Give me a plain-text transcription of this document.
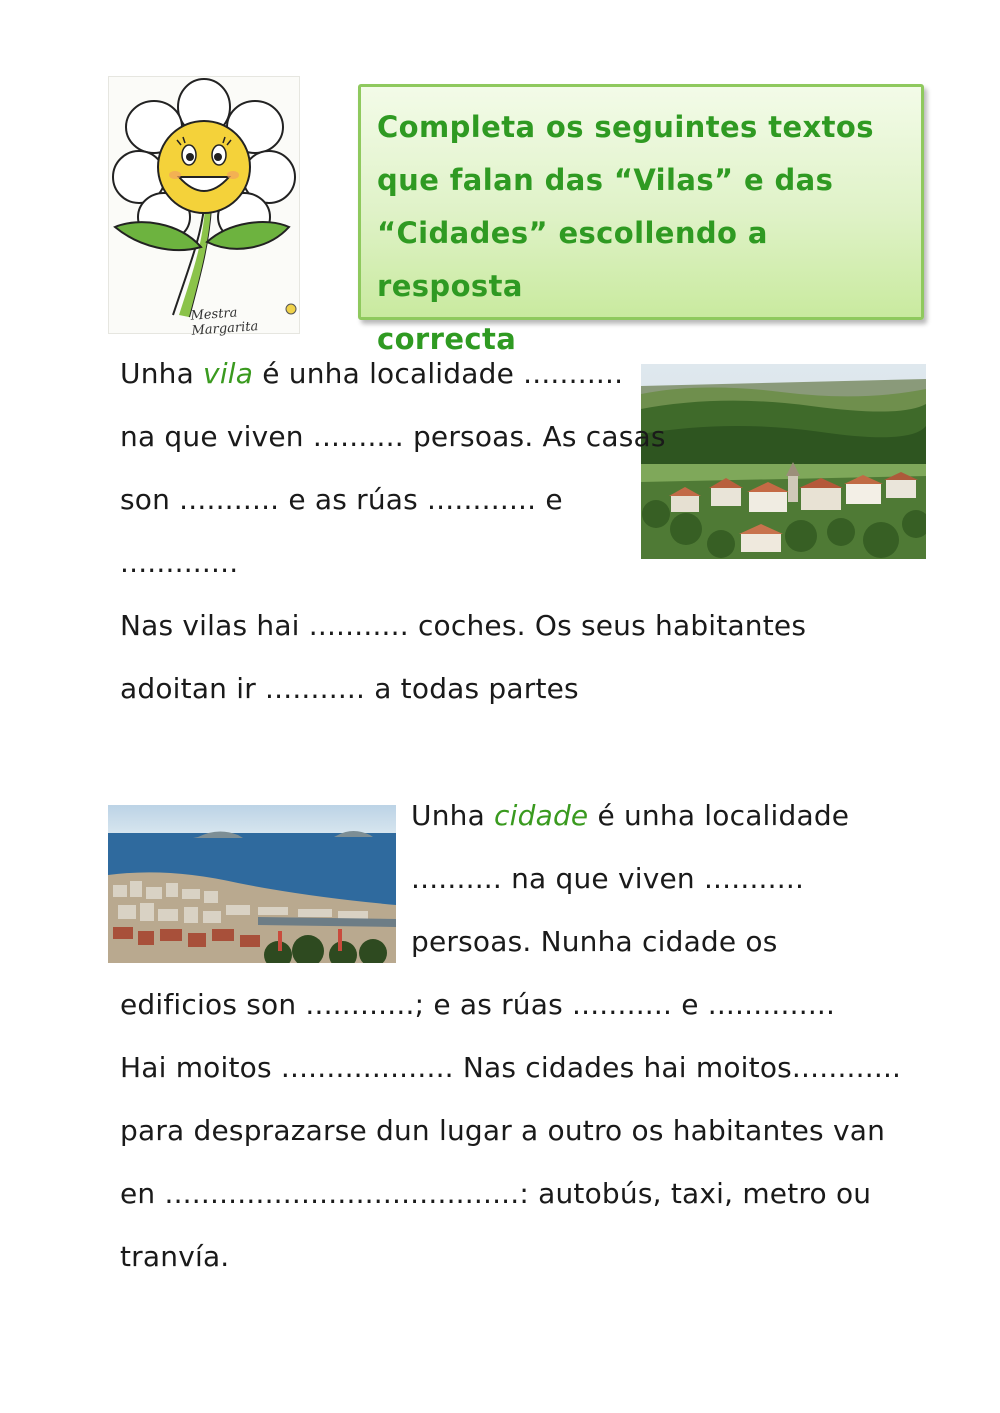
Mestra Margarita

Completa os seguintes textos

que falan das “Vilas” e das

“Cidades” escollendo a resposta

correcta

Unha vila é unha localidade ...........
na que viven .......... persoas. As casas
son ........... e as rúas ............ e
.............
Nas vilas hai ........... coches. Os seus habitantes
adoitan ir ........... a todas partes
Unha cidade é unha localidade
.......... na que viven ...........
persoas. Nunha cidade os
edificios son ............; e as rúas ........... e ..............
Hai moitos ................... Nas cidades hai moitos............
para desprazarse dun lugar a outro os habitantes van
en .......................................: autobús, taxi, metro ou
tranvía.
